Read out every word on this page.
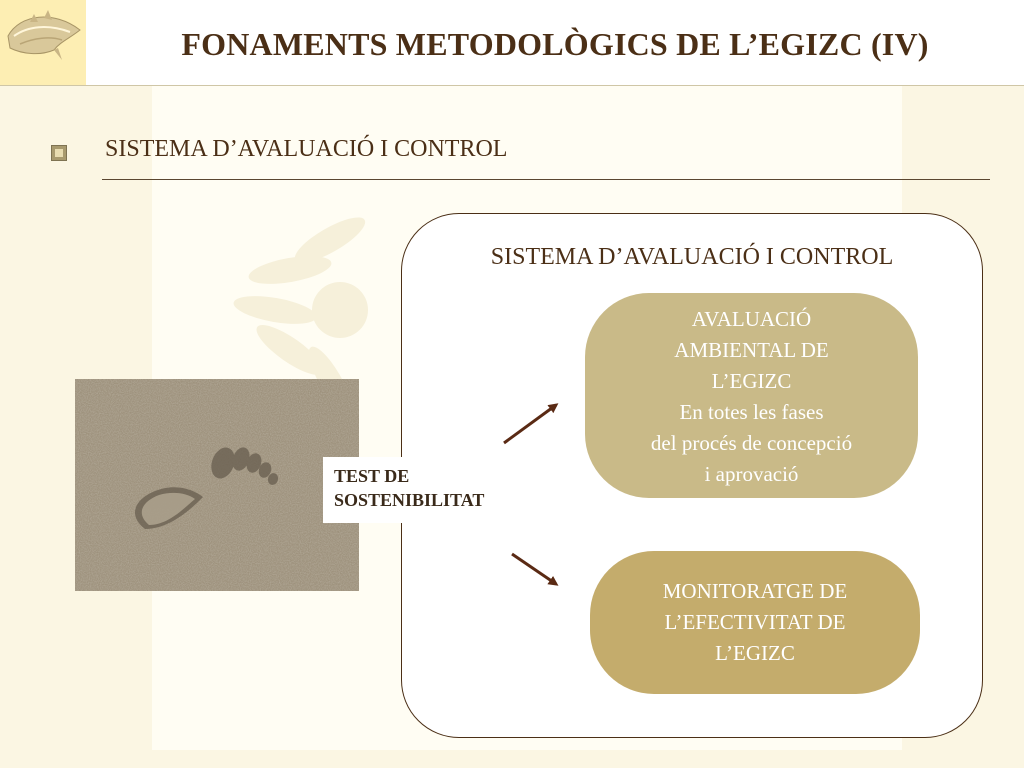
FONAMENTS METODOLÒGICS DE L’EGIZC (IV)
SISTEMA D’AVALUACIÓ I CONTROL
SISTEMA D’AVALUACIÓ I CONTROL
TEST DE
SOSTENIBILITAT
AVALUACIÓ
AMBIENTAL DE
L’EGIZC
En totes les fases
del procés de concepció
i aprovació
MONITORATGE DE
L’EFECTIVITAT DE
L’EGIZC
